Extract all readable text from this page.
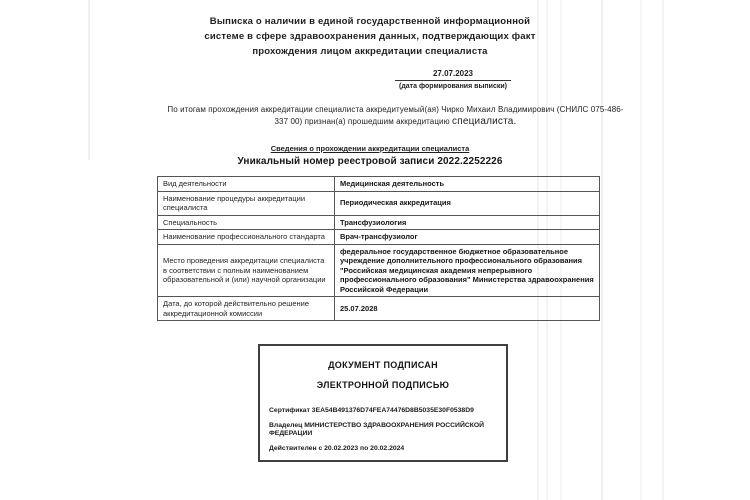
Выписка о наличии в единой государственной информационной
системе в сфере здравоохранения данных, подтверждающих факт
прохождения лицом аккредитации специалиста
27.07.2023
(дата формирования выписки)
По итогам прохождения аккредитации специалиста аккредитуемый(ая) Чирко Михаил Владимирович (СНИЛС 075-486-
337 00) признан(а) прошедшим аккредитацию специалиста.
Сведения о прохождении аккредитации специалиста
Уникальный номер реестровой записи 2022.2252226
Вид деятельности	Медицинская деятельность
Наименование процедуры аккредитации специалиста	Периодическая аккредитация
Специальность	Трансфузиология
Наименование профессионального стандарта	Врач-трансфузиолог
Место проведения аккредитации специалиста в соответствии с полным наименованием образовательной и (или) научной организации	федеральное государственное бюджетное образовательное учреждение дополнительного профессионального образования "Российская медицинская академия непрерывного профессионального образования" Министерства здравоохранения Российской Федерации
Дата, до которой действительно решение аккредитационной комиссии	25.07.2028
ДОКУМЕНТ ПОДПИСАН
ЭЛЕКТРОННОЙ ПОДПИСЬЮ
Сертификат 3EA54B491376D74FEA74476D8B5035E30F0538D9
Владелец МИНИСТЕРСТВО ЗДРАВООХРАНЕНИЯ РОССИЙСКОЙ ФЕДЕРАЦИИ
Действителен с 20.02.2023 по 20.02.2024
